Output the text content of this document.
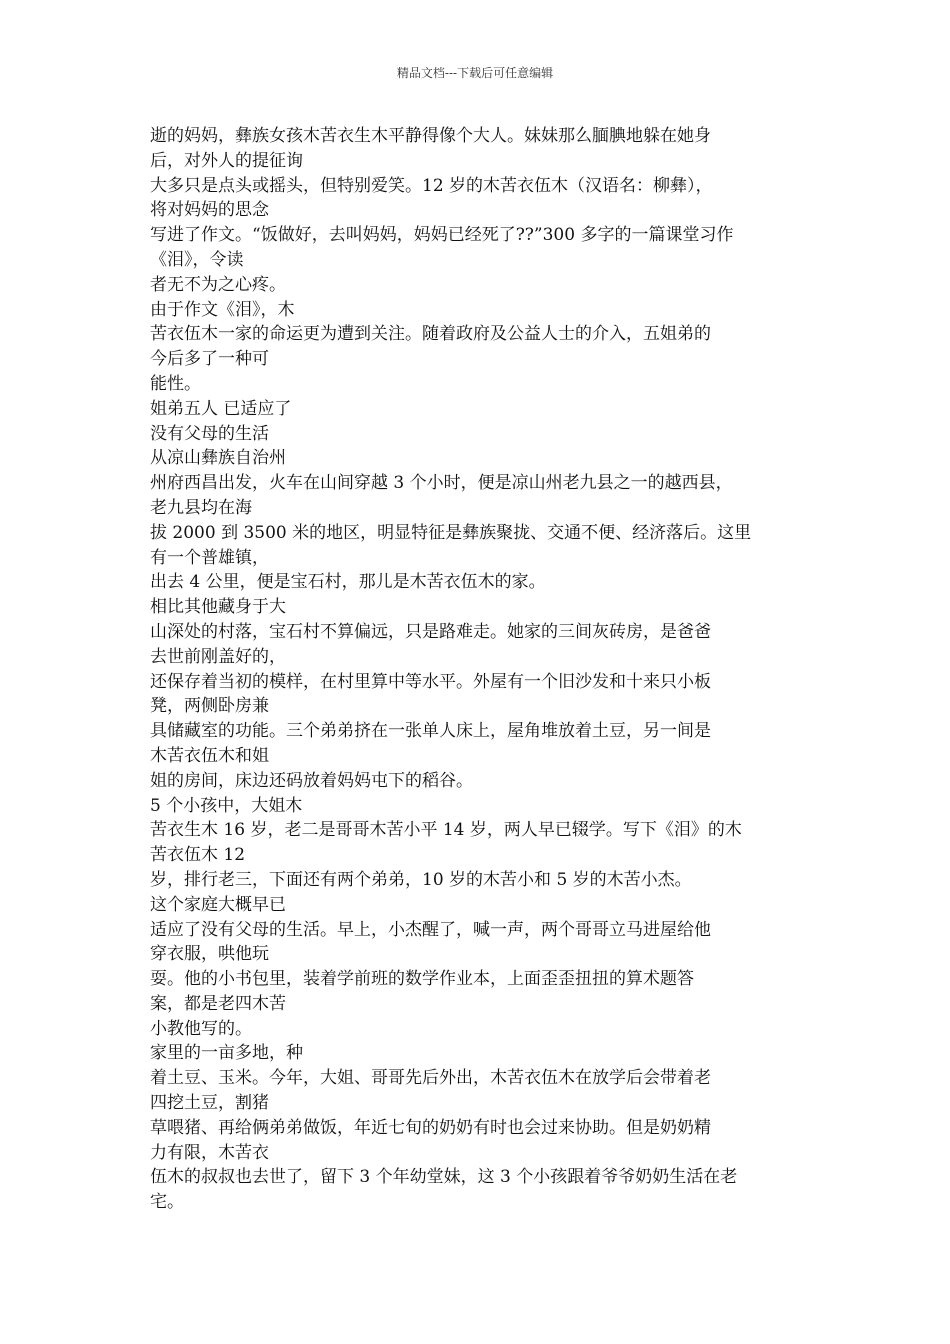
精品文档---下载后可任意编辑
逝的妈妈，彝族女孩木苦衣生木平静得像个大人。妹妹那么腼腆地躲在她身
后，对外人的提征询
大多只是点头或摇头，但特别爱笑。12 岁的木苦衣伍木（汉语名：柳彝），
将对妈妈的思念
写进了作文。“饭做好，去叫妈妈，妈妈已经死了??”300 多字的一篇课堂习作
《泪》，令读
者无不为之心疼。
由于作文《泪》，木
苦衣伍木一家的命运更为遭到关注。随着政府及公益人士的介入，五姐弟的
今后多了一种可
能性。
姐弟五人 已适应了
没有父母的生活
从凉山彝族自治州
州府西昌出发，火车在山间穿越 3 个小时，便是凉山州老九县之一的越西县，
老九县均在海
拔 2000 到 3500 米的地区，明显特征是彝族聚拢、交通不便、经济落后。这里
有一个普雄镇，
出去 4 公里，便是宝石村，那儿是木苦衣伍木的家。
相比其他藏身于大
山深处的村落，宝石村不算偏远，只是路难走。她家的三间灰砖房，是爸爸
去世前刚盖好的，
还保存着当初的模样，在村里算中等水平。外屋有一个旧沙发和十来只小板
凳，两侧卧房兼
具储藏室的功能。三个弟弟挤在一张单人床上，屋角堆放着土豆，另一间是
木苦衣伍木和姐
姐的房间，床边还码放着妈妈屯下的稻谷。
5 个小孩中，大姐木
苦衣生木 16 岁，老二是哥哥木苦小平 14 岁，两人早已辍学。写下《泪》的木
苦衣伍木 12
岁，排行老三，下面还有两个弟弟，10 岁的木苦小和 5 岁的木苦小杰。
这个家庭大概早已
适应了没有父母的生活。早上，小杰醒了，喊一声，两个哥哥立马进屋给他
穿衣服，哄他玩
耍。他的小书包里，装着学前班的数学作业本，上面歪歪扭扭的算术题答
案，都是老四木苦
小教他写的。
家里的一亩多地，种
着土豆、玉米。今年，大姐、哥哥先后外出，木苦衣伍木在放学后会带着老
四挖土豆，割猪
草喂猪、再给俩弟弟做饭，年近七旬的奶奶有时也会过来协助。但是奶奶精
力有限，木苦衣
伍木的叔叔也去世了，留下 3 个年幼堂妹，这 3 个小孩跟着爷爷奶奶生活在老
宅。
